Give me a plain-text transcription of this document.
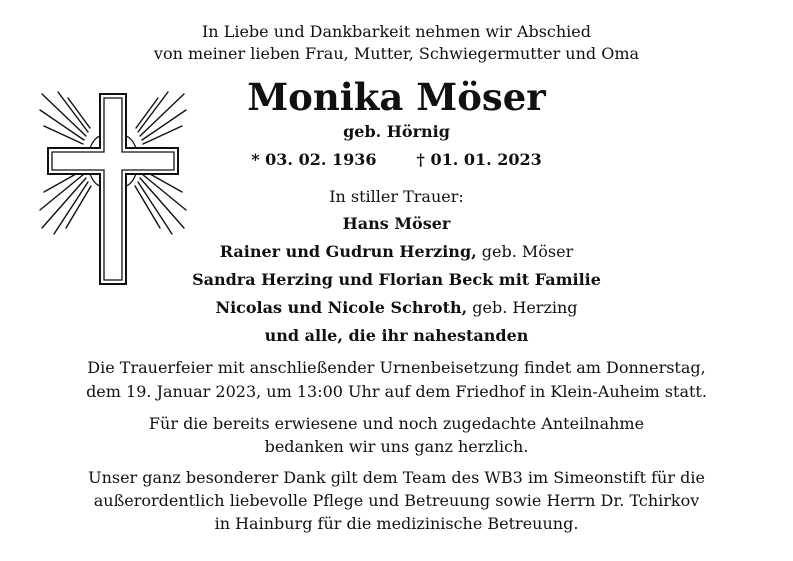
In Liebe und Dankbarkeit nehmen wir Abschied
von meiner lieben Frau, Mutter, Schwiegermutter und Oma
Monika Möser
geb. Hörnig
* 03. 02. 1936	† 01. 01. 2023
In stiller Trauer:
Hans Möser
Rainer und Gudrun Herzing, geb. Möser
Sandra Herzing und Florian Beck mit Familie
Nicolas und Nicole Schroth, geb. Herzing
und alle, die ihr nahestanden
Die Trauerfeier mit anschließender Urnenbeisetzung findet am Donnerstag,
dem 19. Januar 2023, um 13:00 Uhr auf dem Friedhof in Klein-Auheim statt.
Für die bereits erwiesene und noch zugedachte Anteilnahme
bedanken wir uns ganz herzlich.
Unser ganz besonderer Dank gilt dem Team des WB3 im Simeonstift für die
außerordentlich liebevolle Pflege und Betreuung sowie Herrn Dr. Tchirkov
in Hainburg für die medizinische Betreuung.
